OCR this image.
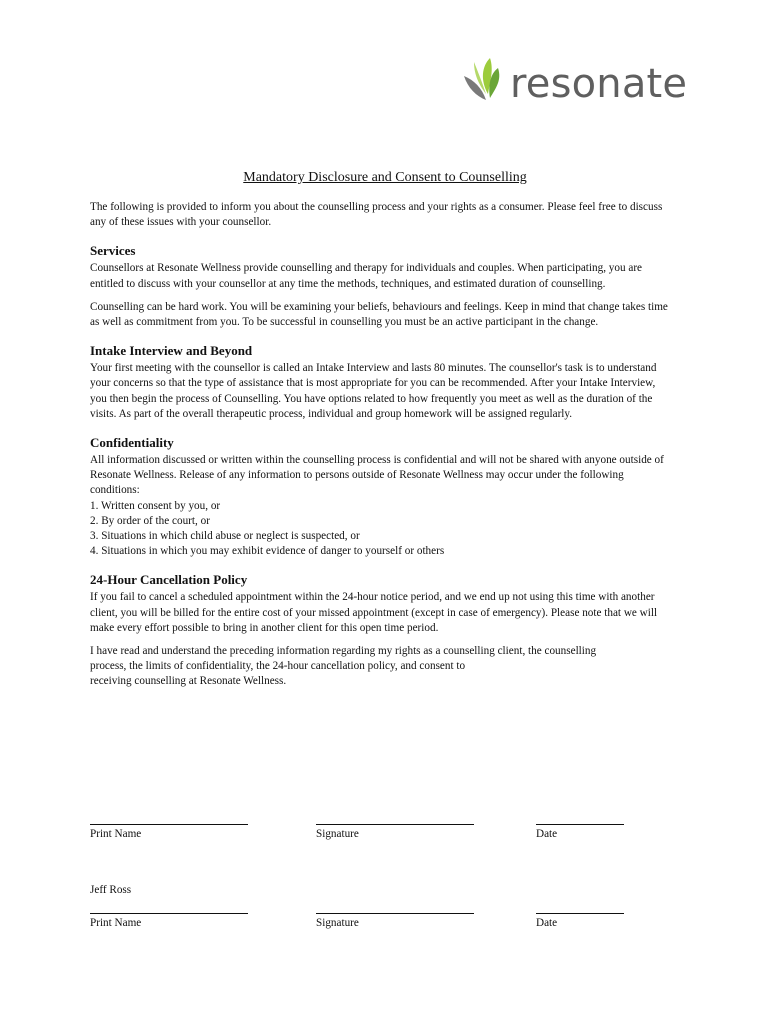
resonate
Mandatory Disclosure and Consent to Counselling

The following is provided to inform you about the counselling process and your rights as a consumer. Please feel free to discuss any of these issues with your counsellor.

Services

Counsellors at Resonate Wellness provide counselling and therapy for individuals and couples. When participating, you are entitled to discuss with your counsellor at any time the methods, techniques, and estimated duration of counselling.

Counselling can be hard work. You will be examining your beliefs, behaviours and feelings. Keep in mind that change takes time as well as commitment from you. To be successful in counselling you must be an active participant in the change.

Intake Interview and Beyond

Your first meeting with the counsellor is called an Intake Interview and lasts 80 minutes. The counsellor's task is to understand your concerns so that the type of assistance that is most appropriate for you can be recommended. After your Intake Interview, you then begin the process of Counselling. You have options related to how frequently you meet as well as the duration of the visits. As part of the overall therapeutic process, individual and group homework will be assigned regularly.

Confidentiality

All information discussed or written within the counselling process is confidential and will not be shared with anyone outside of Resonate Wellness. Release of any information to persons outside of Resonate Wellness may occur under the following conditions:

1. Written consent by you, or
2. By order of the court, or
3. Situations in which child abuse or neglect is suspected, or
4. Situations in which you may exhibit evidence of danger to yourself or others
24-Hour Cancellation Policy

If you fail to cancel a scheduled appointment within the 24-hour notice period, and we end up not using this time with another client, you will be billed for the entire cost of your missed appointment (except in case of emergency). Please note that we will make every effort possible to bring in another client for this open time period.

I have read and understand the preceding information regarding my rights as a counselling client, the counselling

process, the limits of confidentiality, the 24-hour cancellation policy, and consent to

receiving counselling at Resonate Wellness.

Print Name	Signature	Date
Jeff Ross
Print Name	Signature	Date
